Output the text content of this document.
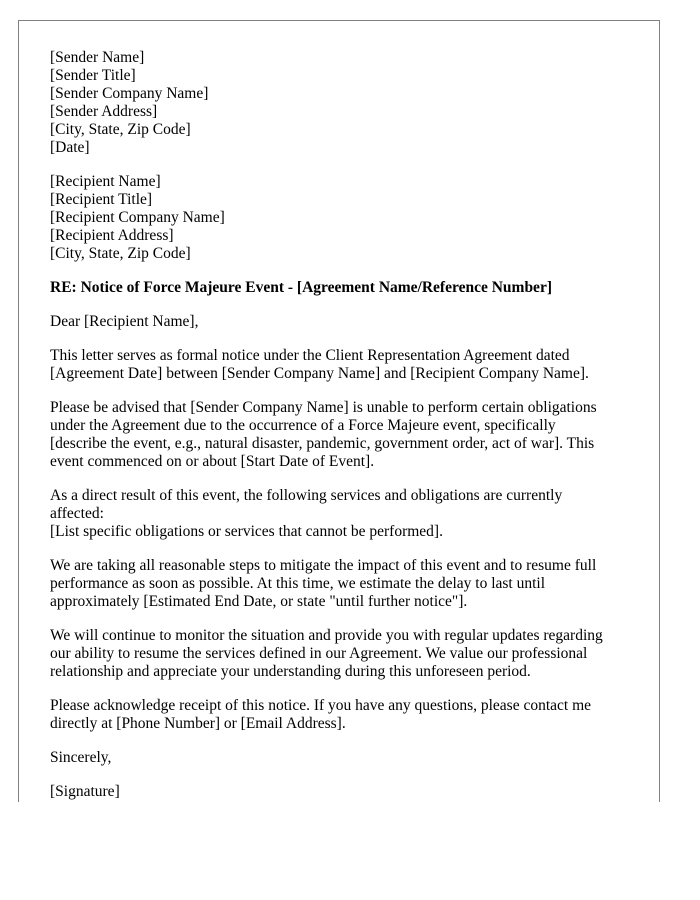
[Sender Name]
[Sender Title]
[Sender Company Name]
[Sender Address]
[City, State, Zip Code]
[Date]
[Recipient Name]
[Recipient Title]
[Recipient Company Name]
[Recipient Address]
[City, State, Zip Code]
RE: Notice of Force Majeure Event - [Agreement Name/Reference Number]
Dear [Recipient Name],
This letter serves as formal notice under the Client Representation Agreement dated
[Agreement Date] between [Sender Company Name] and [Recipient Company Name].
Please be advised that [Sender Company Name] is unable to perform certain obligations
under the Agreement due to the occurrence of a Force Majeure event, specifically
[describe the event, e.g., natural disaster, pandemic, government order, act of war]. This
event commenced on or about [Start Date of Event].
As a direct result of this event, the following services and obligations are currently
affected:
[List specific obligations or services that cannot be performed].
We are taking all reasonable steps to mitigate the impact of this event and to resume full
performance as soon as possible. At this time, we estimate the delay to last until
approximately [Estimated End Date, or state "until further notice"].
We will continue to monitor the situation and provide you with regular updates regarding
our ability to resume the services defined in our Agreement. We value our professional
relationship and appreciate your understanding during this unforeseen period.
Please acknowledge receipt of this notice. If you have any questions, please contact me
directly at [Phone Number] or [Email Address].
Sincerely,
[Signature]
